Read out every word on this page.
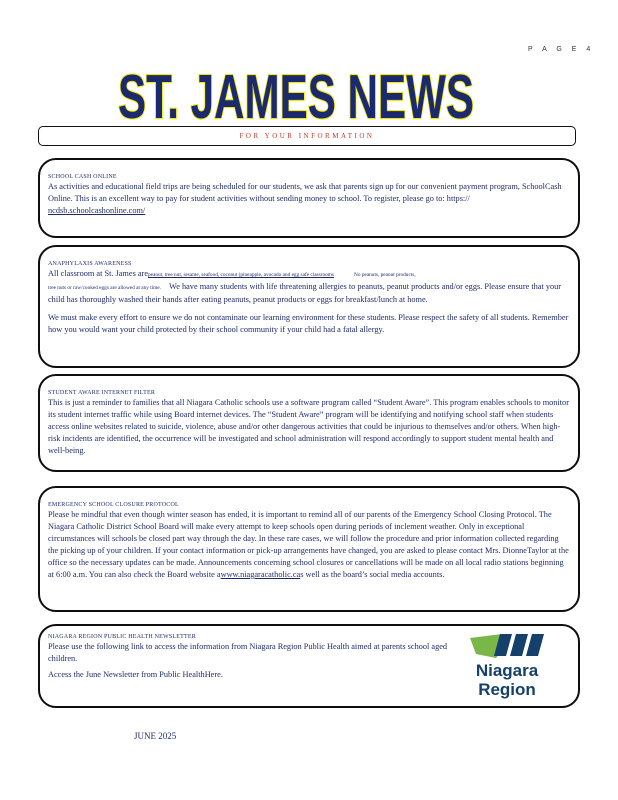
P A G E 4
ST. JAMES NEWS
FOR YOUR INFORMATION
SCHOOL CASH ONLINE
As activities and educational field trips are being scheduled for our students, we ask that parents sign up for our convenient payment program, SchoolCash Online. This is an excellent way to pay for student activities without sending money to school. To register, please go to: https://
ncdsb.schoolcashonline.com/
ANAPHYLAXIS AWARENESS
All classroom at St. James arepeanut, tree nut, sesame, seafood, coconut (pineapple, avocado and egg safe classrooms	No peanuts, peanut products,
tree nuts or raw/cooked eggs are allowed at any time. We have many students with life threatening allergies to peanuts, peanut products and/or eggs. Please ensure that your child has thoroughly washed their hands after eating peanuts, peanut products or eggs for breakfast/lunch at home.
We must make every effort to ensure we do not contaminate our learning environment for these students. Please respect the safety of all students. Remember how you would want your child protected by their school community if your child had a fatal allergy.
STUDENT AWARE INTERNET FILTER
This is just a reminder to families that all Niagara Catholic schools use a software program called “Student Aware”. This program enables schools to monitor its student internet traffic while using Board internet devices. The “Student Aware” program will be identifying and notifying school staff when students access online websites related to suicide, violence, abuse and/or other dangerous activities that could be injurious to themselves and/or others. When high-risk incidents are identified, the occurrence will be investigated and school administration will respond accordingly to support student mental health and well-being.
EMERGENCY SCHOOL CLOSURE PROTOCOL
Please be mindful that even though winter season has ended, it is important to remind all of our parents of the Emergency School Closing Protocol. The Niagara Catholic District School Board will make every attempt to keep schools open during periods of inclement weather. Only in exceptional circumstances will schools be closed part way through the day. In these rare cases, we will follow the procedure and prior information collected regarding the picking up of your children. If your contact information or pick-up arrangements have changed, you are asked to please contact Mrs. DionneTaylor at the office so the necessary updates can be made. Announcements concerning school closures or cancellations will be made on all local radio stations beginning at 6:00 a.m. You can also check the Board website awww.niagaracatholic.cas well as the board’s social media accounts.
NIAGARA REGION PUBLIC HEALTH NEWSLETTER
Please use the following link to access the information from Niagara Region Public Health aimed at parents school aged children.
Access the June Newsletter from Public HealthHere.	Niagara
Region
JUNE 2025
